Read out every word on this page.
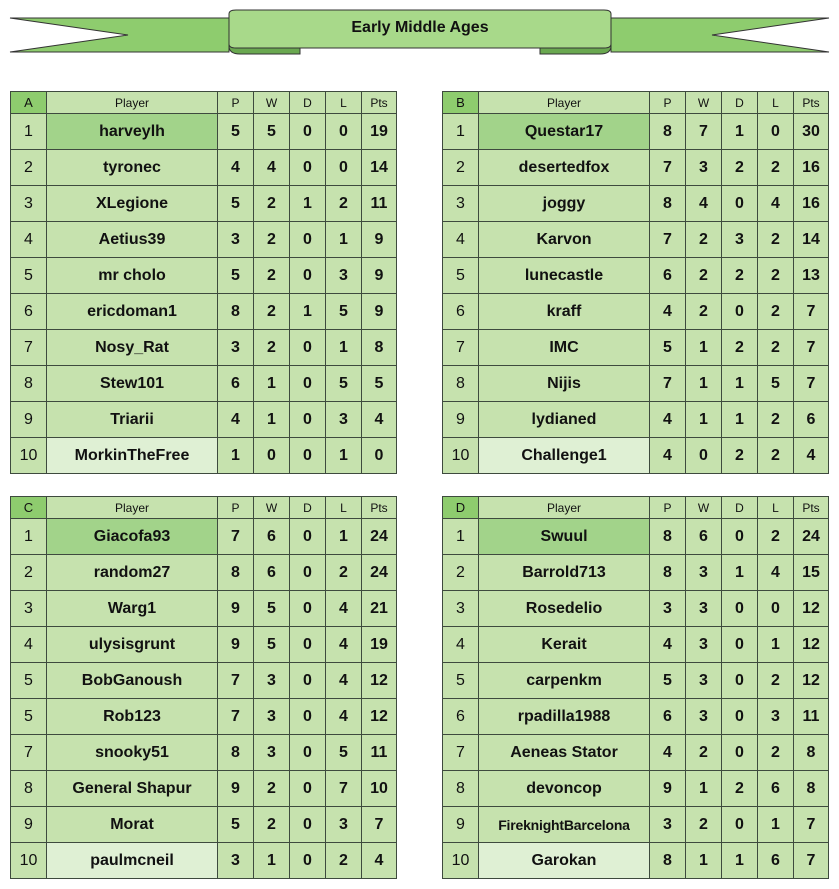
Early Middle Ages
A	Player	P	W	D	L	Pts
1	harveylh	5	5	0	0	19
2	tyronec	4	4	0	0	14
3	XLegione	5	2	1	2	11
4	Aetius39	3	2	0	1	9
5	mr cholo	5	2	0	3	9
6	ericdoman1	8	2	1	5	9
7	Nosy_Rat	3	2	0	1	8
8	Stew101	6	1	0	5	5
9	Triarii	4	1	0	3	4
10	MorkinTheFree	1	0	0	1	0
B	Player	P	W	D	L	Pts
1	Questar17	8	7	1	0	30
2	desertedfox	7	3	2	2	16
3	joggy	8	4	0	4	16
4	Karvon	7	2	3	2	14
5	lunecastle	6	2	2	2	13
6	kraff	4	2	0	2	7
7	IMC	5	1	2	2	7
8	Nijis	7	1	1	5	7
9	lydianed	4	1	1	2	6
10	Challenge1	4	0	2	2	4
C	Player	P	W	D	L	Pts
1	Giacofa93	7	6	0	1	24
2	random27	8	6	0	2	24
3	Warg1	9	5	0	4	21
4	ulysisgrunt	9	5	0	4	19
5	BobGanoush	7	3	0	4	12
5	Rob123	7	3	0	4	12
7	snooky51	8	3	0	5	11
8	General Shapur	9	2	0	7	10
9	Morat	5	2	0	3	7
10	paulmcneil	3	1	0	2	4
D	Player	P	W	D	L	Pts
1	Swuul	8	6	0	2	24
2	Barrold713	8	3	1	4	15
3	Rosedelio	3	3	0	0	12
4	Kerait	4	3	0	1	12
5	carpenkm	5	3	0	2	12
6	rpadilla1988	6	3	0	3	11
7	Aeneas Stator	4	2	0	2	8
8	devoncop	9	1	2	6	8
9	FireknightBarcelona	3	2	0	1	7
10	Garokan	8	1	1	6	7
